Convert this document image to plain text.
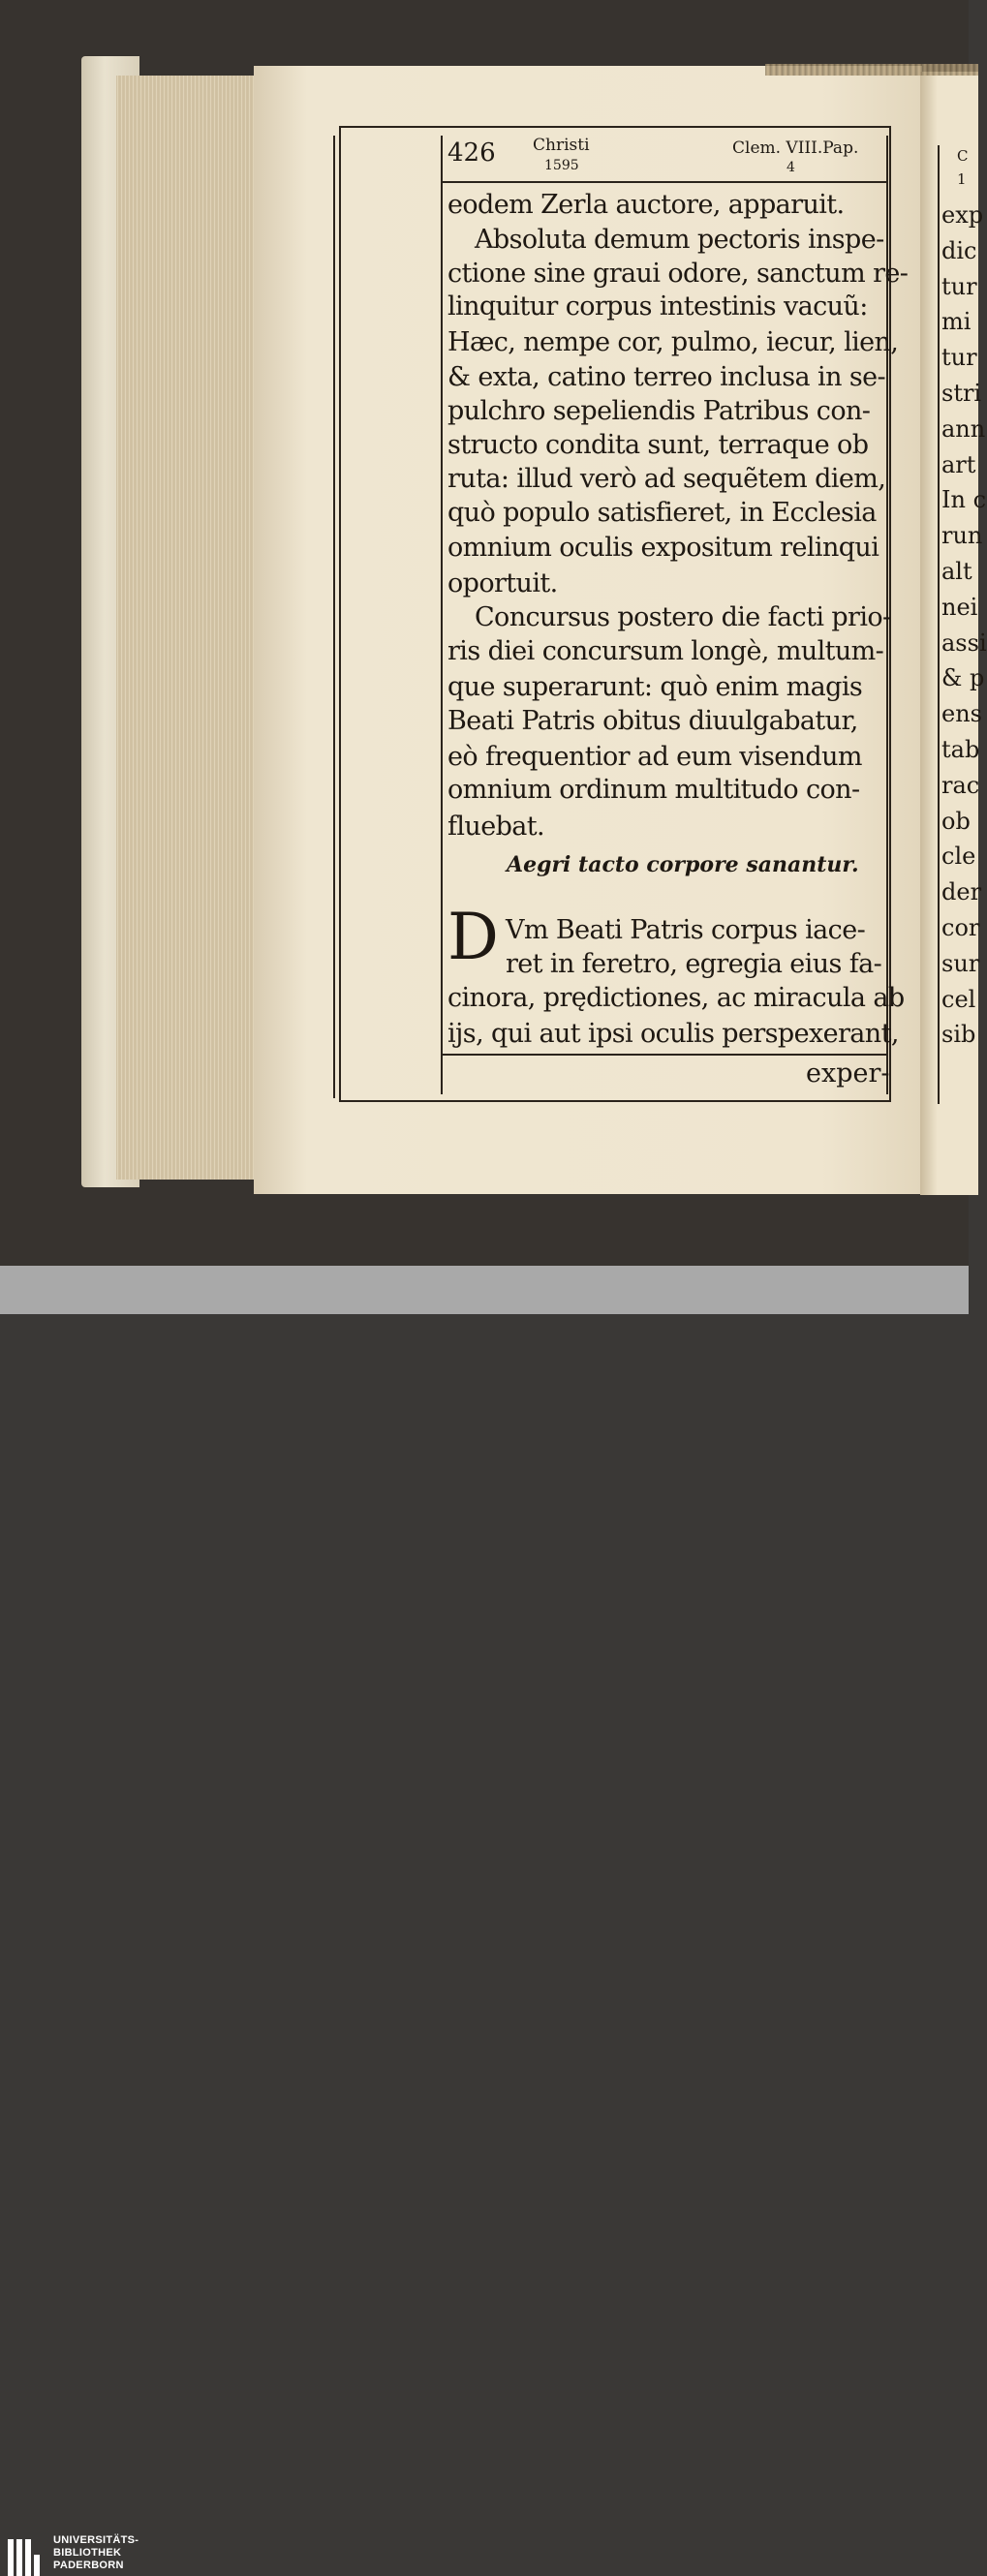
426 Christi
1595
Clem. VIII.Pap.
4
eodem Zerla auctore, apparuit.
Absoluta demum pectoris inspe-
ctione sine graui odore, sanctum re-
linquitur corpus intestinis vacuũ:
Hæc, nempe cor, pulmo, iecur, lien,
& exta, catino terreo inclusa in se-
pulchro sepeliendis Patribus con-
structo condita sunt, terraque ob
ruta: illud verò ad sequẽtem diem,
quò populo satisfieret, in Ecclesia
omnium oculis expositum relinqui
oportuit.
Concursus postero die facti prio-
ris diei concursum longè, multum-
que superarunt: quò enim magis
Beati Patris obitus diuulgabatur,
eò frequentior ad eum visendum
omnium ordinum multitudo con-
fluebat.
Aegri tacto corpore sanantur.
D Vm Beati Patris corpus iace-
ret in feretro, egregia eius fa-
cinora, prędictiones, ac miracula ab
ijs, qui aut ipsi oculis perspexerant,
exper-
C
1
exp
dic
tur
mi
tur
stri
ann
art
In c
run
alt
nei
assi
& p
ens
tab
rac
ob
cle
der
cor
sur
cel
sib
UNIVERSITÄTS-
BIBLIOTHEK
PADERBORN
